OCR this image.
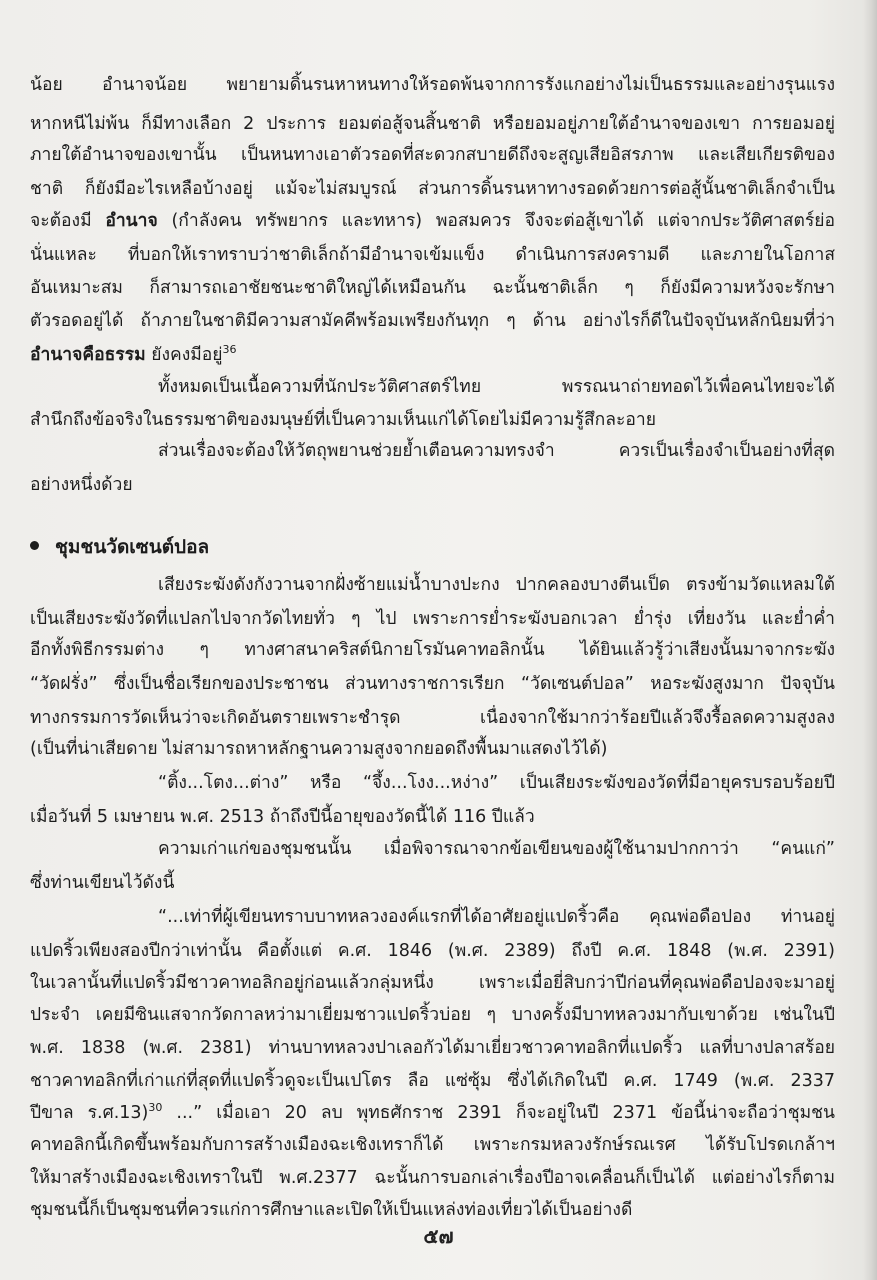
น้อย อำนาจน้อย พยายามดิ้นรนหาหนทางให้รอดพ้นจากการรังแกอย่างไม่เป็นธรรมและอย่างรุนแรง
หากหนีไม่พ้น ก็มีทางเลือก 2 ประการ ยอมต่อสู้จนสิ้นชาติ หรือยอมอยู่ภายใต้อำนาจของเขา การยอมอยู่
ภายใต้อำนาจของเขานั้น เป็นหนทางเอาตัวรอดที่สะดวกสบายดีถึงจะสูญเสียอิสรภาพ และเสียเกียรติของ
ชาติ ก็ยังมีอะไรเหลือบ้างอยู่ แม้จะไม่สมบูรณ์ ส่วนการดิ้นรนหาทางรอดด้วยการต่อสู้นั้นชาติเล็กจำเป็น
จะต้องมี อำนาจ (กำลังคน ทรัพยากร และทหาร) พอสมควร จึงจะต่อสู้เขาได้ แต่จากประวัติศาสตร์ย่อ
นั่นแหละ ที่บอกให้เราทราบว่าชาติเล็กถ้ามีอำนาจเข้มแข็ง ดำเนินการสงครามดี และภายในโอกาส
อันเหมาะสม ก็สามารถเอาชัยชนะชาติใหญ่ได้เหมือนกัน ฉะนั้นชาติเล็ก ๆ ก็ยังมีความหวังจะรักษา
ตัวรอดอยู่ได้ ถ้าภายในชาติมีความสามัคคีพร้อมเพรียงกันทุก ๆ ด้าน อย่างไรก็ดีในปัจจุบันหลักนิยมที่ว่า
อำนาจคือธรรม ยังคงมีอยู่$^{36}$
ทั้งหมดเป็นเนื้อความที่นักประวัติศาสตร์ไทย พรรณนาถ่ายทอดไว้เพื่อคนไทยจะได้
สำนึกถึงข้อจริงในธรรมชาติของมนุษย์ที่เป็นความเห็นแก่ได้โดยไม่มีความรู้สึกละอาย
ส่วนเรื่องจะต้องให้วัตถุพยานช่วยย้ำเตือนความทรงจำ ควรเป็นเรื่องจำเป็นอย่างที่สุด
อย่างหนึ่งด้วย
ชุมชนวัดเซนต์ปอล
เสียงระฆังดังกังวานจากฝั่งซ้ายแม่น้ำบางปะกง ปากคลองบางตีนเป็ด ตรงข้ามวัดแหลมใต้
เป็นเสียงระฆังวัดที่แปลกไปจากวัดไทยทั่ว ๆ ไป เพราะการย่ำระฆังบอกเวลา ย่ำรุ่ง เที่ยงวัน และย่ำค่ำ
อีกทั้งพิธีกรรมต่าง ๆ ทางศาสนาคริสต์นิกายโรมันคาทอลิกนั้น ได้ยินแล้วรู้ว่าเสียงนั้นมาจากระฆัง
“วัดฝรั่ง” ซึ่งเป็นชื่อเรียกของประชาชน ส่วนทางราชการเรียก “วัดเซนต์ปอล” หอระฆังสูงมาก ปัจจุบัน
ทางกรรมการวัดเห็นว่าจะเกิดอันตรายเพราะชำรุด เนื่องจากใช้มากว่าร้อยปีแล้วจึงรื้อลดความสูงลง
(เป็นที่น่าเสียดาย ไม่สามารถหาหลักฐานความสูงจากยอดถึงพื้นมาแสดงไว้ได้)
“ติ้ง...โตง...ต่าง” หรือ “จึ้ง...โงง...หง่าง” เป็นเสียงระฆังของวัดที่มีอายุครบรอบร้อยปี
เมื่อวันที่ 5 เมษายน พ.ศ. 2513 ถ้าถึงปีนี้อายุของวัดนี้ได้ 116 ปีแล้ว
ความเก่าแก่ของชุมชนนั้น เมื่อพิจารณาจากข้อเขียนของผู้ใช้นามปากกาว่า “คนแก่”
ซึ่งท่านเขียนไว้ดังนี้
“...เท่าที่ผู้เขียนทราบบาทหลวงองค์แรกที่ได้อาศัยอยู่แปดริ้วคือ คุณพ่อดือปอง ท่านอยู่
แปดริ้วเพียงสองปีกว่าเท่านั้น คือตั้งแต่ ค.ศ. 1846 (พ.ศ. 2389) ถึงปี ค.ศ. 1848 (พ.ศ. 2391)
ในเวลานั้นที่แปดริ้วมีชาวคาทอลิกอยู่ก่อนแล้วกลุ่มหนึ่ง เพราะเมื่อยี่สิบกว่าปีก่อนที่คุณพ่อดือปองจะมาอยู่
ประจำ เคยมีซินแสจากวัดกาลหว่ามาเยี่ยมชาวแปดริ้วบ่อย ๆ บางครั้งมีบาทหลวงมากับเขาด้วย เช่นในปี
พ.ศ. 1838 (พ.ศ. 2381) ท่านบาทหลวงปาเลอกัวได้มาเยี่ยวชาวคาทอลิกที่แปดริ้ว แลที่บางปลาสร้อย
ชาวคาทอลิกที่เก่าแก่ที่สุดที่แปดริ้วดูจะเป็นเปโตร ลือ แซ่ซุ้ม ซึ่งได้เกิดในปี ค.ศ. 1749 (พ.ศ. 2337
ปีขาล ร.ศ.13)$^{30}$ ...” เมื่อเอา 20 ลบ พุทธศักราช 2391 ก็จะอยู่ในปี 2371 ข้อนี้น่าจะถือว่าชุมชน
คาทอลิกนี้เกิดขึ้นพร้อมกับการสร้างเมืองฉะเชิงเทราก็ได้ เพราะกรมหลวงรักษ์รณเรศ ได้รับโปรดเกล้าฯ
ให้มาสร้างเมืองฉะเชิงเทราในปี พ.ศ.2377 ฉะนั้นการบอกเล่าเรื่องปีอาจเคลื่อนก็เป็นได้ แต่อย่างไรก็ตาม
ชุมชนนี้ก็เป็นชุมชนที่ควรแก่การศึกษาและเปิดให้เป็นแหล่งท่องเที่ยวได้เป็นอย่างดี
๕๗
